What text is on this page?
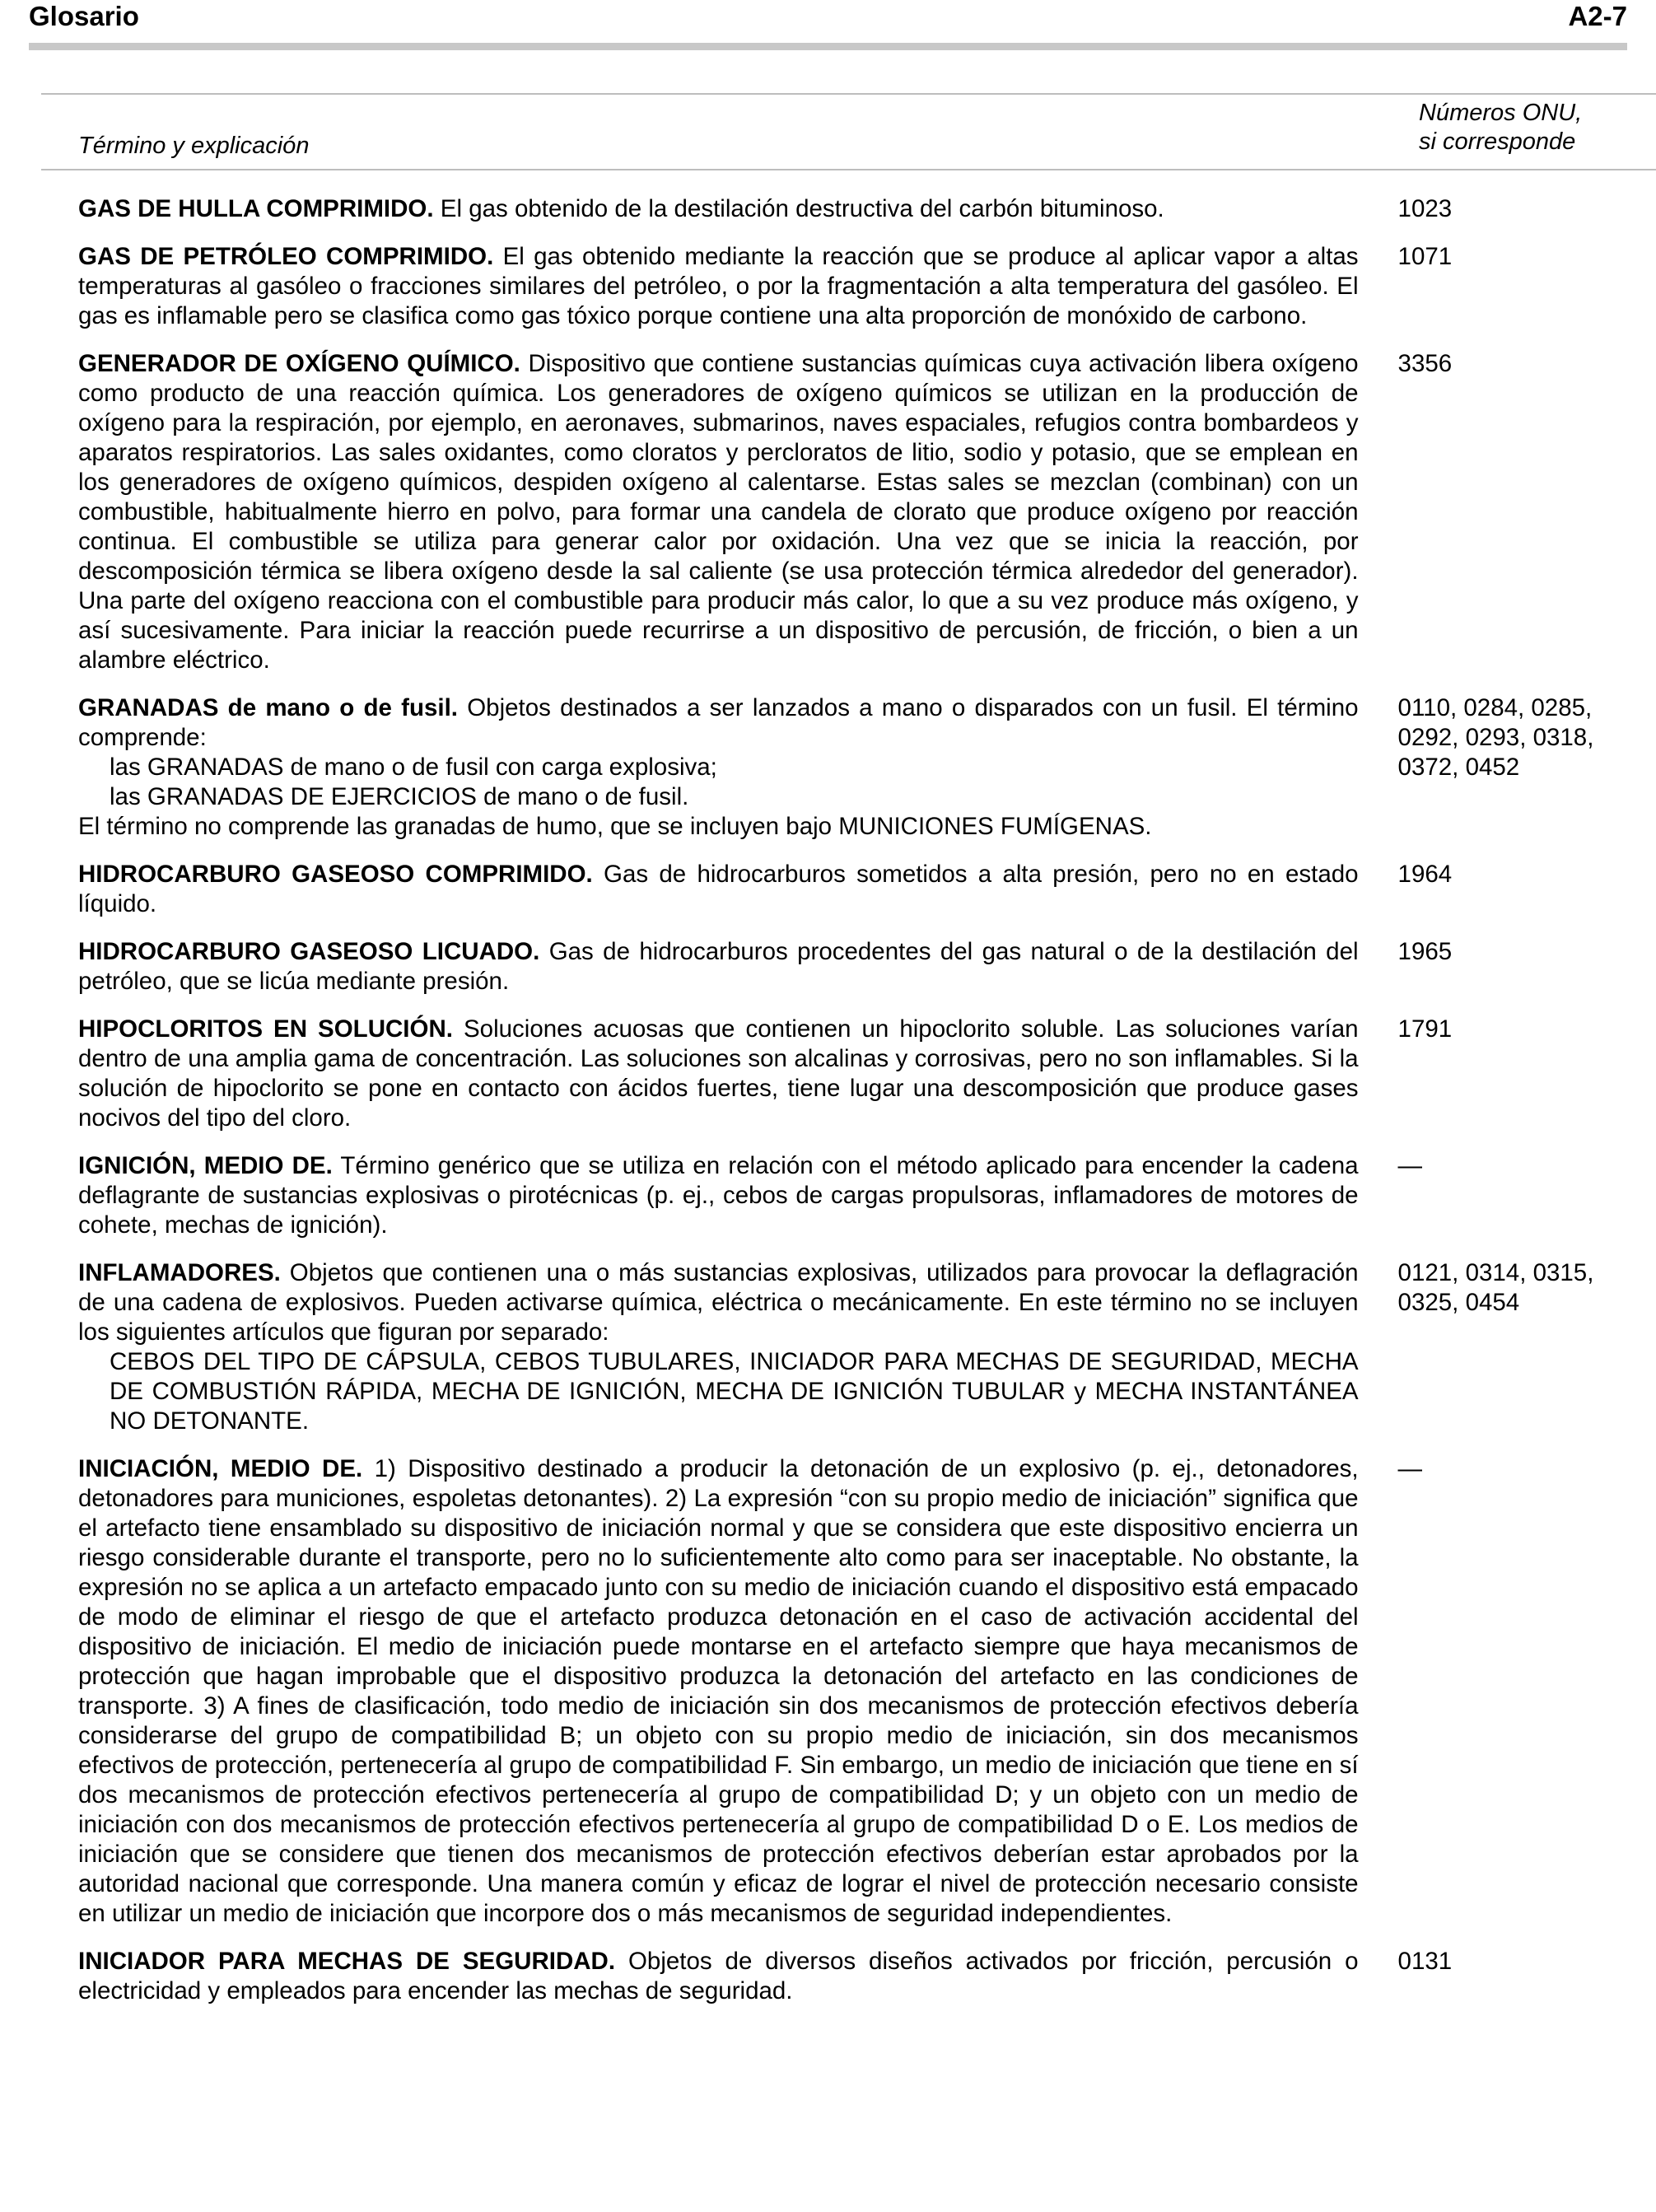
Glosario	A2-7
Término y explicación
Números ONU,
si corresponde
GAS DE HULLA COMPRIMIDO. El gas obtenido de la destilación destructiva del carbón bituminoso.	1023
GAS DE PETRÓLEO COMPRIMIDO. El gas obtenido mediante la reacción que se produce al aplicar vapor a altas temperaturas al gasóleo o fracciones similares del petróleo, o por la fragmentación a alta temperatura del gasóleo. El gas es inflamable pero se clasifica como gas tóxico porque contiene una alta proporción de monóxido de carbono.
1071
GENERADOR DE OXÍGENO QUÍMICO. Dispositivo que contiene sustancias químicas cuya activación libera oxígeno como producto de una reacción química. Los generadores de oxígeno químicos se utilizan en la producción de oxígeno para la respiración, por ejemplo, en aeronaves, submarinos, naves espaciales, refugios contra bombardeos y aparatos respiratorios. Las sales oxidantes, como cloratos y percloratos de litio, sodio y potasio, que se emplean en los generadores de oxígeno químicos, despiden oxígeno al calentarse. Estas sales se mezclan (combinan) con un combustible, habitualmente hierro en polvo, para formar una candela de clorato que produce oxígeno por reacción continua. El combustible se utiliza para generar calor por oxidación. Una vez que se inicia la reacción, por descomposición térmica se libera oxígeno desde la sal caliente (se usa protección térmica alrededor del generador). Una parte del oxígeno reacciona con el combustible para producir más calor, lo que a su vez produce más oxígeno, y así sucesivamente. Para iniciar la reacción puede recurrirse a un dispositivo de percusión, de fricción, o bien a un alambre eléctrico.
3356
GRANADAS de mano o de fusil. Objetos destinados a ser lanzados a mano o disparados con un fusil. El término comprende:
las GRANADAS de mano o de fusil con carga explosiva;
las GRANADAS DE EJERCICIOS de mano o de fusil.
El término no comprende las granadas de humo, que se incluyen bajo MUNICIONES FUMÍGENAS.
0110, 0284, 0285, 0292, 0293, 0318, 0372, 0452
HIDROCARBURO GASEOSO COMPRIMIDO. Gas de hidrocarburos sometidos a alta presión, pero no en estado líquido.
1964
HIDROCARBURO GASEOSO LICUADO. Gas de hidrocarburos procedentes del gas natural o de la destilación del petróleo, que se licúa mediante presión.
1965
HIPOCLORITOS EN SOLUCIÓN. Soluciones acuosas que contienen un hipoclorito soluble. Las soluciones varían dentro de una amplia gama de concentración. Las soluciones son alcalinas y corrosivas, pero no son inflamables. Si la solución de hipoclorito se pone en contacto con ácidos fuertes, tiene lugar una descomposición que produce gases nocivos del tipo del cloro.
1791
IGNICIÓN, MEDIO DE. Término genérico que se utiliza en relación con el método aplicado para encender la cadena deflagrante de sustancias explosivas o pirotécnicas (p. ej., cebos de cargas propulsoras, inflamadores de motores de cohete, mechas de ignición).
—
INFLAMADORES. Objetos que contienen una o más sustancias explosivas, utilizados para provocar la deflagración de una cadena de explosivos. Pueden activarse química, eléctrica o mecánicamente. En este término no se incluyen los siguientes artículos que figuran por separado:
CEBOS DEL TIPO DE CÁPSULA, CEBOS TUBULARES, INICIADOR PARA MECHAS DE SEGURIDAD, MECHA DE COMBUSTIÓN RÁPIDA, MECHA DE IGNICIÓN, MECHA DE IGNICIÓN TUBULAR y MECHA INSTANTÁNEA NO DETONANTE.
0121, 0314, 0315, 0325, 0454
INICIACIÓN, MEDIO DE. 1) Dispositivo destinado a producir la detonación de un explosivo (p. ej., detonadores, detonadores para municiones, espoletas detonantes). 2) La expresión “con su propio medio de iniciación” significa que el artefacto tiene ensamblado su dispositivo de iniciación normal y que se considera que este dispositivo encierra un riesgo considerable durante el transporte, pero no lo suficientemente alto como para ser inaceptable. No obstante, la expresión no se aplica a un artefacto empacado junto con su medio de iniciación cuando el dispositivo está empacado de modo de eliminar el riesgo de que el artefacto produzca detonación en el caso de activación accidental del dispositivo de iniciación. El medio de iniciación puede montarse en el artefacto siempre que haya mecanismos de protección que hagan improbable que el dispositivo produzca la detonación del artefacto en las condiciones de transporte. 3) A fines de clasificación, todo medio de iniciación sin dos mecanismos de protección efectivos debería considerarse del grupo de compatibilidad B; un objeto con su propio medio de iniciación, sin dos mecanismos efectivos de protección, pertenecería al grupo de compatibilidad F. Sin embargo, un medio de iniciación que tiene en sí dos mecanismos de protección efectivos pertenecería al grupo de compatibilidad D; y un objeto con un medio de iniciación con dos mecanismos de protección efectivos pertenecería al grupo de compatibilidad D o E. Los medios de iniciación que se considere que tienen dos mecanismos de protección efectivos deberían estar aprobados por la autoridad nacional que corresponde. Una manera común y eficaz de lograr el nivel de protección necesario consiste en utilizar un medio de iniciación que incorpore dos o más mecanismos de seguridad independientes.
—
INICIADOR PARA MECHAS DE SEGURIDAD. Objetos de diversos diseños activados por fricción, percusión o electricidad y empleados para encender las mechas de seguridad.
0131
